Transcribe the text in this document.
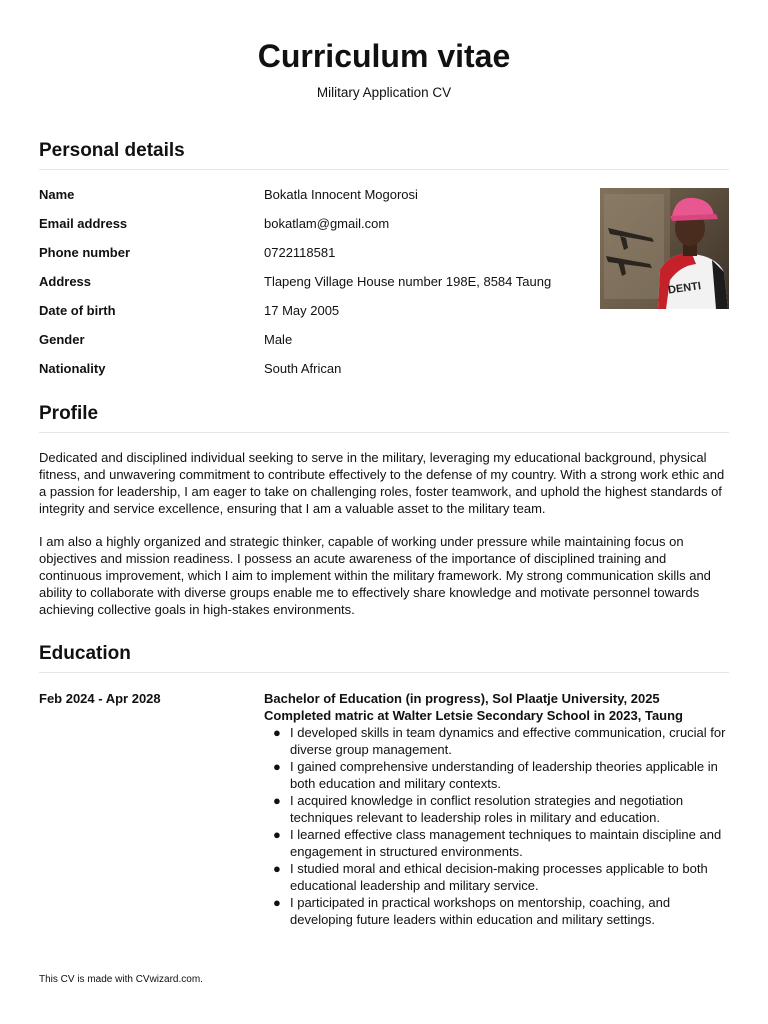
Curriculum vitae
Military Application CV
Personal details
Name	Bokatla Innocent Mogorosi
Email address	bokatlam@gmail.com
Phone number	0722118581
Address	Tlapeng Village House number 198E, 8584 Taung
Date of birth	17 May 2005
Gender	Male
Nationality	South African
DENTI
Profile

Dedicated and disciplined individual seeking to serve in the military, leveraging my educational background, physical fitness, and unwavering commitment to contribute effectively to the defense of my country. With a strong work ethic and a passion for leadership, I am eager to take on challenging roles, foster teamwork, and uphold the highest standards of integrity and service excellence, ensuring that I am a valuable asset to the military team.

I am also a highly organized and strategic thinker, capable of working under pressure while maintaining focus on objectives and mission readiness. I possess an acute awareness of the importance of disciplined training and continuous improvement, which I aim to implement within the military framework. My strong communication skills and ability to collaborate with diverse groups enable me to effectively share knowledge and motivate personnel towards achieving collective goals in high-stakes environments.

Education
Feb 2024 - Apr 2028	Bachelor of Education (in progress), Sol Plaatje University, 2025
Completed matric at Walter Letsie Secondary School in 2023, Taung
● I developed skills in team dynamics and effective communication, crucial for diverse group management.
● I gained comprehensive understanding of leadership theories applicable in both education and military contexts.
● I acquired knowledge in conflict resolution strategies and negotiation techniques relevant to leadership roles in military and education.
● I learned effective class management techniques to maintain discipline and engagement in structured environments.
● I studied moral and ethical decision-making processes applicable to both educational leadership and military service.
● I participated in practical workshops on mentorship, coaching, and developing future leaders within education and military settings.
This CV is made with CVwizard.com.
